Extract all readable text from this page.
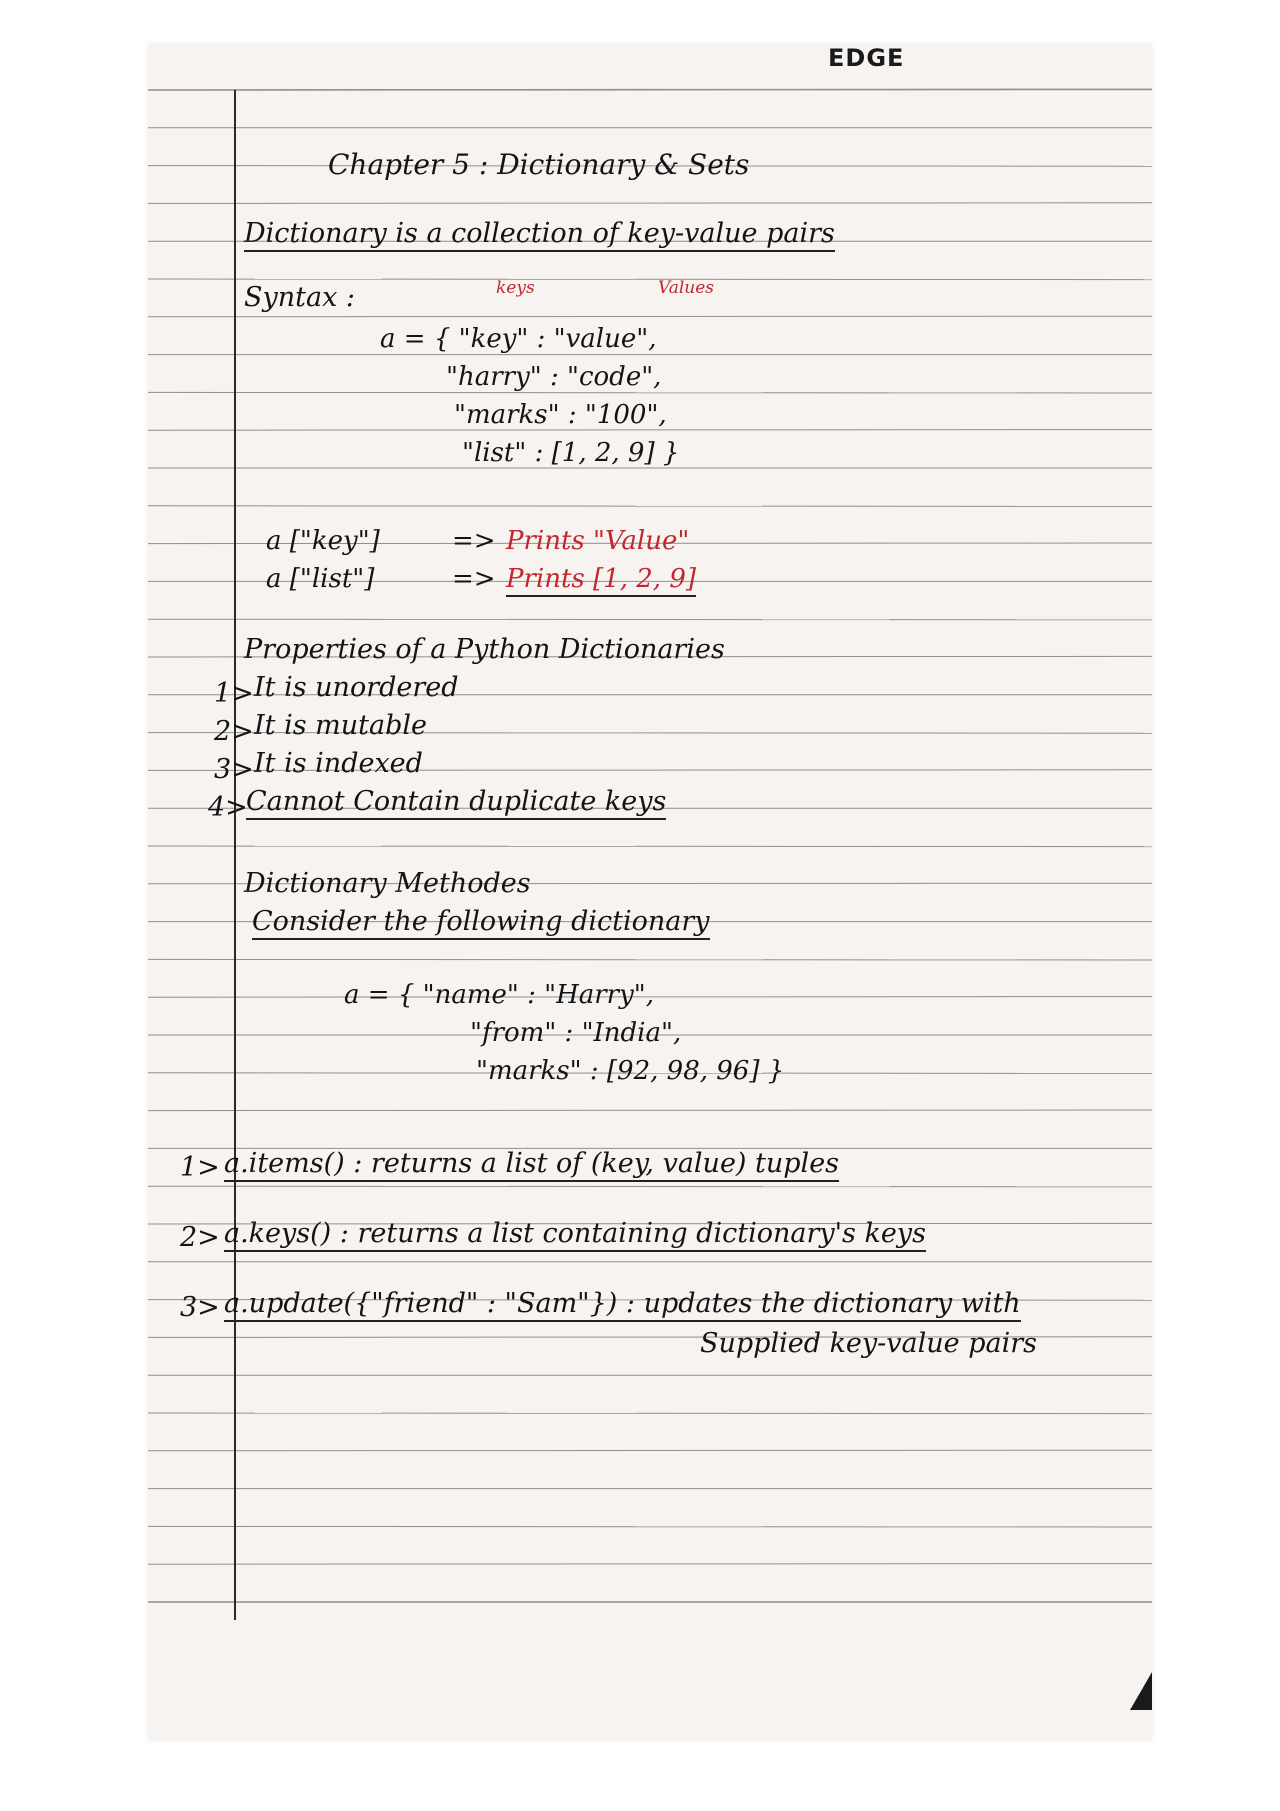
EDGE
Chapter 5 : Dictionary & Sets
Dictionary is a collection of key-value pairs
Syntax :	keys	Values
a = { "key" : "value",
"harry" : "code",
"marks" : "100",
"list" : [1, 2, 9] }
a ["key"]	=> Prints "Value"
a ["list"]	=> Prints [1, 2, 9]
Properties of a Python Dictionaries
1> It is unordered
2> It is mutable
3> It is indexed
4>
Cannot Contain duplicate keys
Dictionary Methodes
Consider the following dictionary
a = { "name" : "Harry",
"from" : "India",
"marks" : [92, 98, 96] }
1> a.items() : returns a list of (key, value) tuples
2> a.keys() : returns a list containing dictionary's keys
3> a.update({"friend" : "Sam"}) : updates the dictionary with
Supplied key-value pairs
